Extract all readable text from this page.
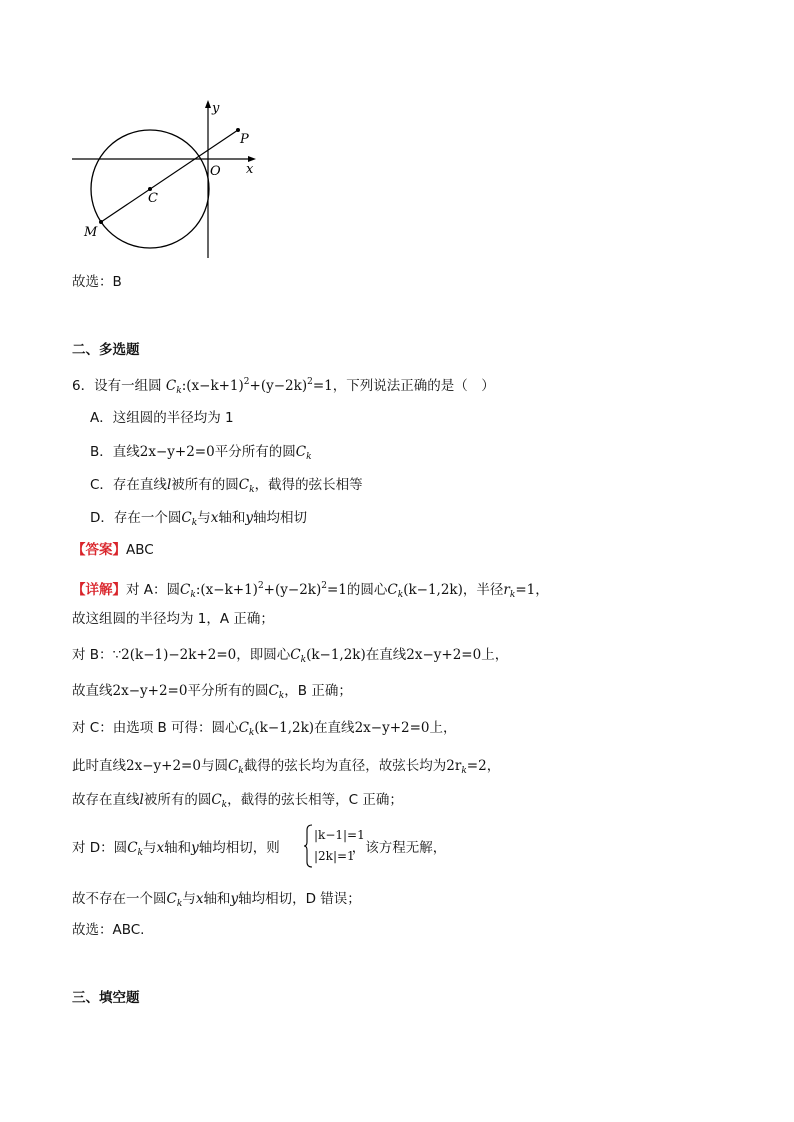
y
P
O x
C
M
故选：B
二、多选题
6．设有一组圆 $C_k:(x-k+1)^2+(y-2k)^2=1$，下列说法正确的是（　）
A．这组圆的半径均为 1
B．直线2x−y+2=0平分所有的圆$C_k$
C．存在直线l被所有的圆$C_k$，截得的弦长相等
D．存在一个圆$C_k$与x轴和y轴均相切
【答案】ABC
【详解】对 A：圆$C_k:(x-k+1)^2+(y-2k)^2=1$的圆心$C_k(k-1,2k)$，半径$r_k=1$，
故这组圆的半径均为 1，A 正确；
对 B：∵2(k−1)−2k+2=0，即圆心$C_k(k-1,2k)$在直线2x−y+2=0上，
故直线2x−y+2=0平分所有的圆$C_k$，B 正确；
对 C：由选项 B 可得：圆心$C_k(k-1,2k)$在直线2x−y+2=0上，
此时直线2x−y+2=0与圆$C_k$截得的弦长均为直径，故弦长均为$2r_k=2$，
故存在直线l被所有的圆$C_k$，截得的弦长相等，C 正确；
对 D：圆$C_k$与x轴和y轴均相切，则	，该方程无解，
|k−1|=1
|2k|=1
故不存在一个圆$C_k$与x轴和y轴均相切，D 错误；
故选：ABC.
三、填空题
